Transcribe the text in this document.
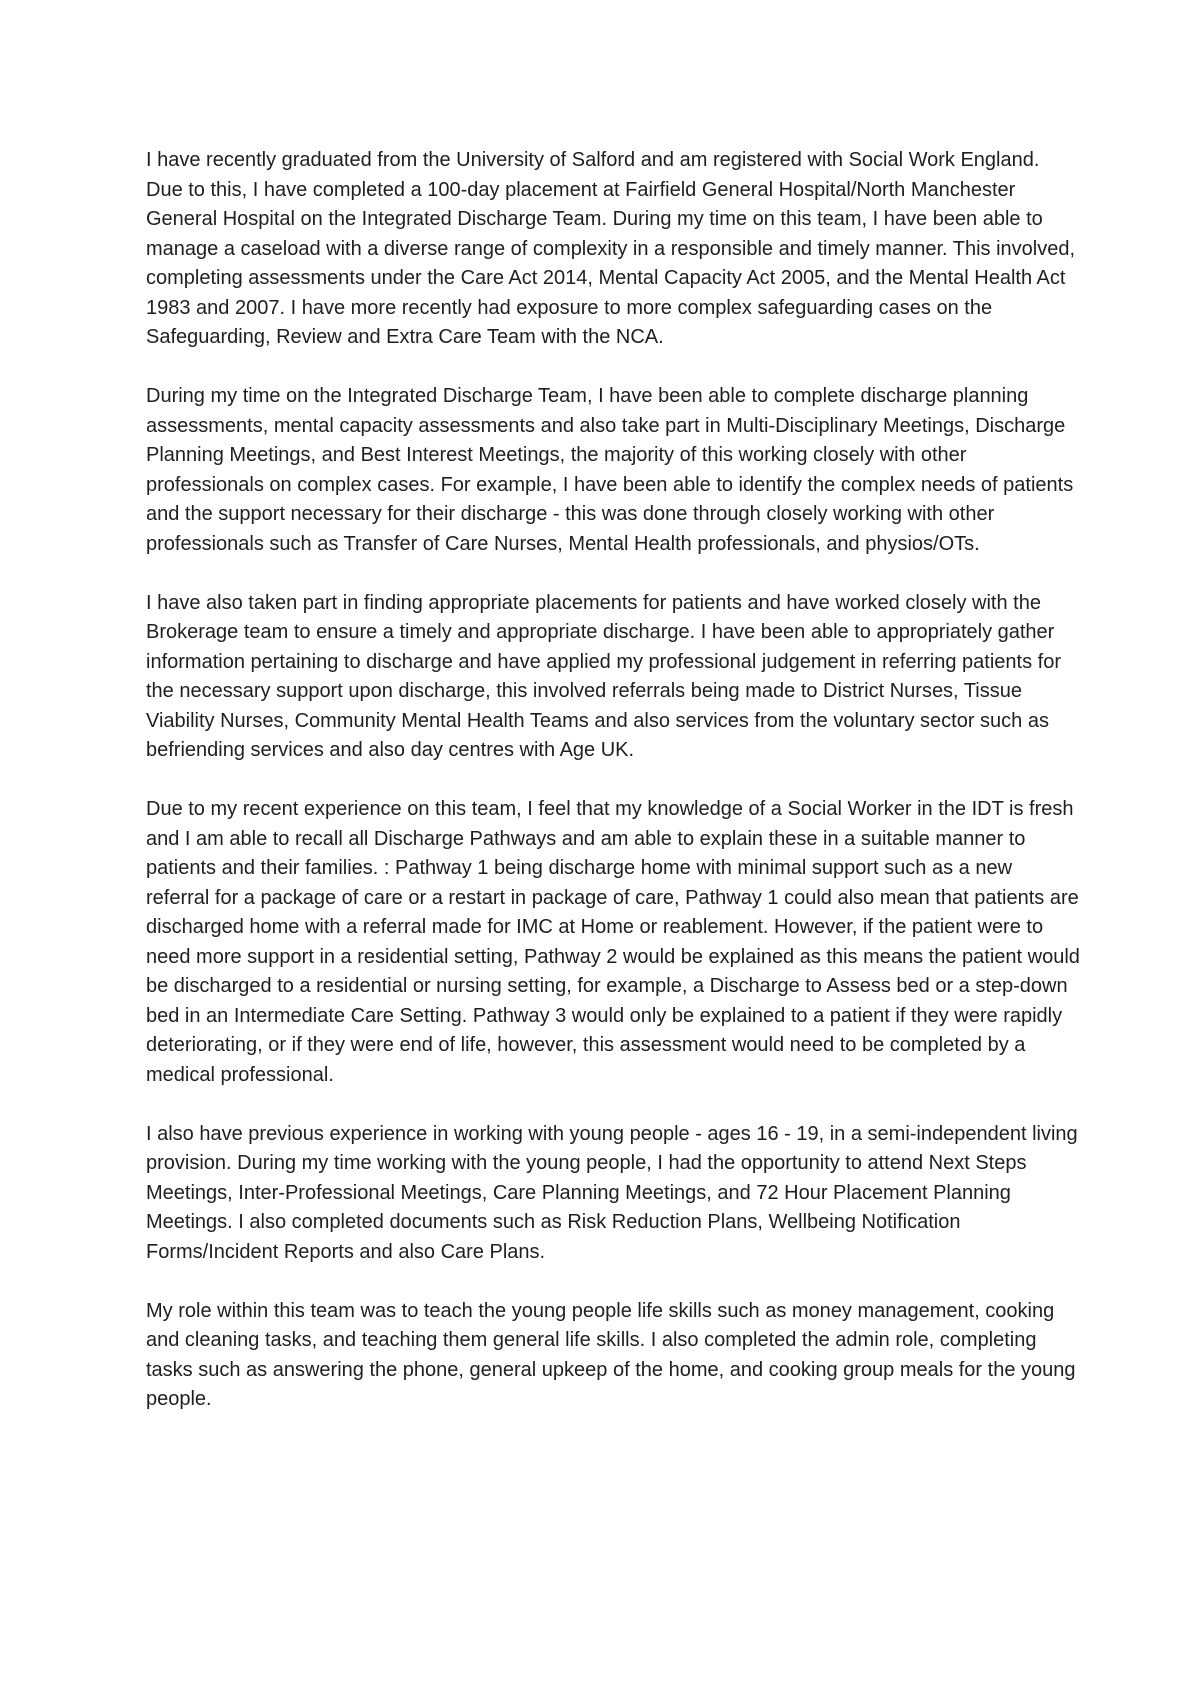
I have recently graduated from the University of Salford and am registered with Social Work England. Due to this, I have completed a 100-day placement at Fairfield General Hospital/North Manchester General Hospital on the Integrated Discharge Team. During my time on this team, I have been able to manage a caseload with a diverse range of complexity in a responsible and timely manner. This involved, completing assessments under the Care Act 2014, Mental Capacity Act 2005, and the Mental Health Act 1983 and 2007. I have more recently had exposure to more complex safeguarding cases on the Safeguarding, Review and Extra Care Team with the NCA.

During my time on the Integrated Discharge Team, I have been able to complete discharge planning assessments, mental capacity assessments and also take part in Multi-Disciplinary Meetings, Discharge Planning Meetings, and Best Interest Meetings, the majority of this working closely with other professionals on complex cases. For example, I have been able to identify the complex needs of patients and the support necessary for their discharge - this was done through closely working with other professionals such as Transfer of Care Nurses, Mental Health professionals, and physios/OTs.

I have also taken part in finding appropriate placements for patients and have worked closely with the Brokerage team to ensure a timely and appropriate discharge. I have been able to appropriately gather information pertaining to discharge and have applied my professional judgement in referring patients for the necessary support upon discharge, this involved referrals being made to District Nurses, Tissue Viability Nurses, Community Mental Health Teams and also services from the voluntary sector such as befriending services and also day centres with Age UK.

Due to my recent experience on this team, I feel that my knowledge of a Social Worker in the IDT is fresh and I am able to recall all Discharge Pathways and am able to explain these in a suitable manner to patients and their families. : Pathway 1 being discharge home with minimal support such as a new referral for a package of care or a restart in package of care, Pathway 1 could also mean that patients are discharged home with a referral made for IMC at Home or reablement. However, if the patient were to need more support in a residential setting, Pathway 2 would be explained as this means the patient would be discharged to a residential or nursing setting, for example, a Discharge to Assess bed or a step-down bed in an Intermediate Care Setting. Pathway 3 would only be explained to a patient if they were rapidly deteriorating, or if they were end of life, however, this assessment would need to be completed by a medical professional.

I also have previous experience in working with young people - ages 16 - 19, in a semi-independent living provision. During my time working with the young people, I had the opportunity to attend Next Steps Meetings, Inter-Professional Meetings, Care Planning Meetings, and 72 Hour Placement Planning Meetings. I also completed documents such as Risk Reduction Plans, Wellbeing Notification Forms/Incident Reports and also Care Plans.

My role within this team was to teach the young people life skills such as money management, cooking and cleaning tasks, and teaching them general life skills. I also completed the admin role, completing tasks such as answering the phone, general upkeep of the home, and cooking group meals for the young people.
